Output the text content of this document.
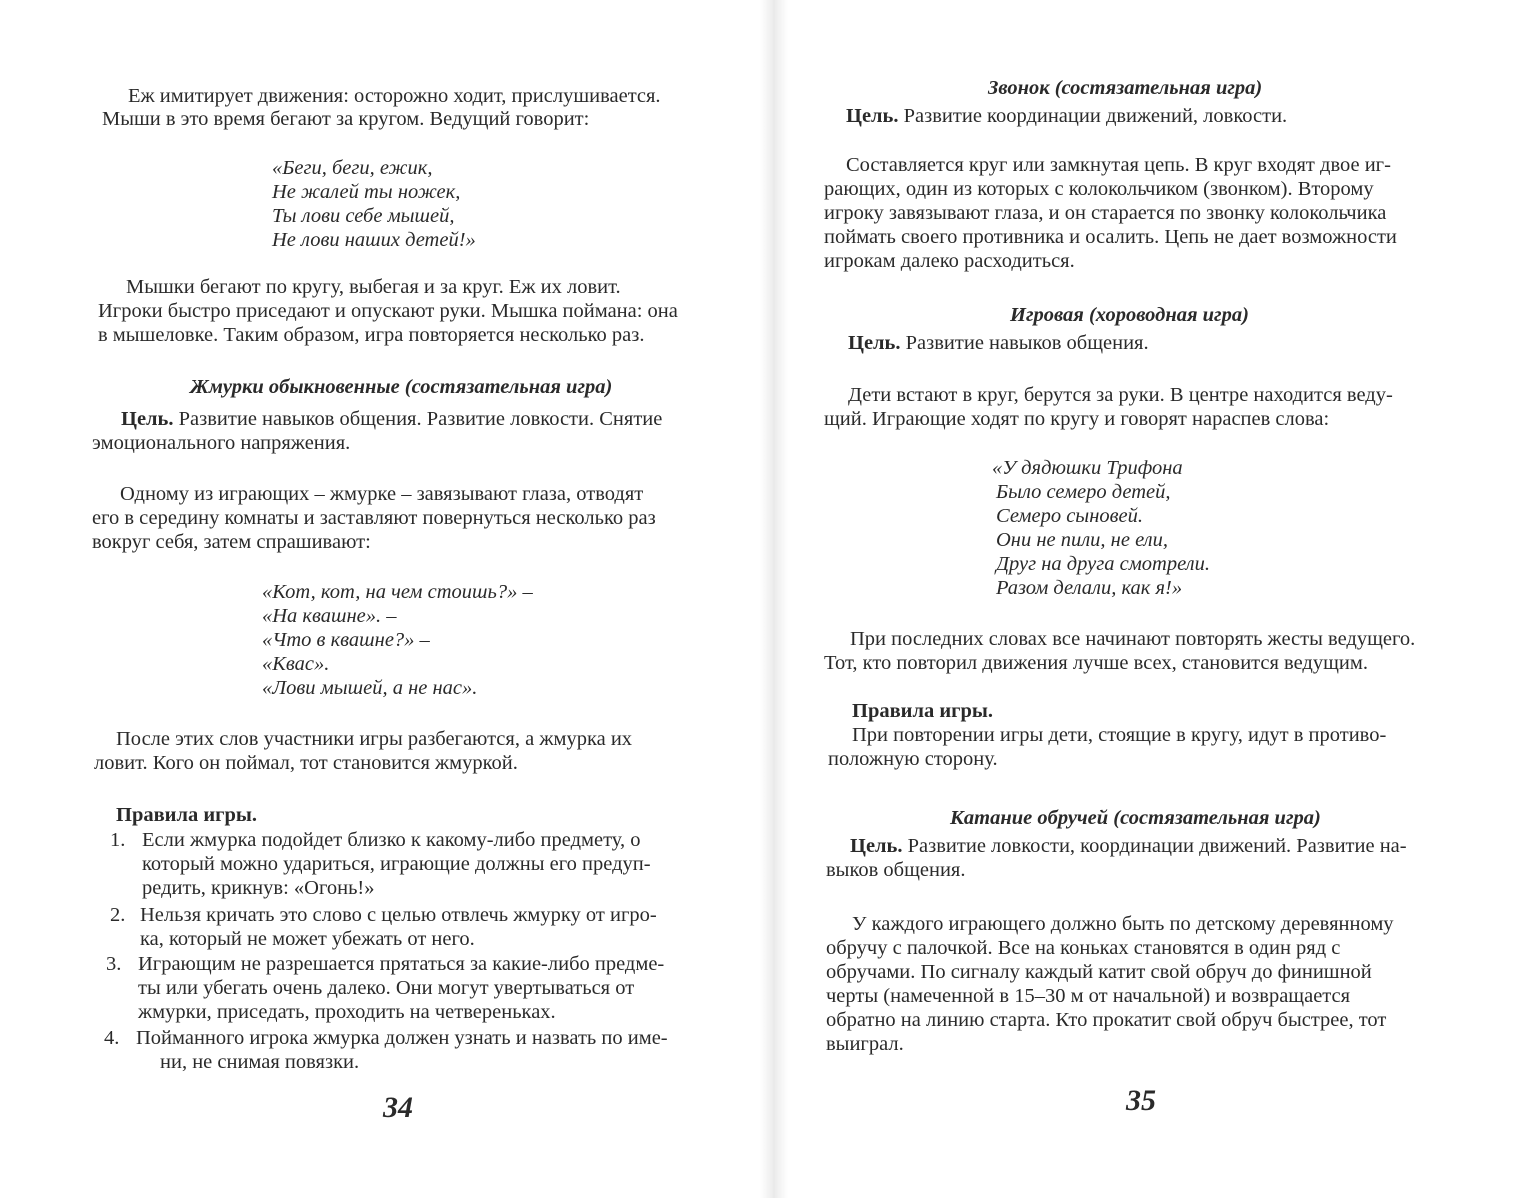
Еж имитирует движения: осторожно ходит, прислушивается.
Мыши в это время бегают за кругом. Ведущий говорит:
«Беги, беги, ежик,
Не жалей ты ножек,
Ты лови себе мышей,
Не лови наших детей!»
Мышки бегают по кругу, выбегая и за круг. Еж их ловит.
Игроки быстро приседают и опускают руки. Мышка поймана: она
в мышеловке. Таким образом, игра повторяется несколько раз.
Жмурки обыкновенные (состязательная игра)
Цель. Развитие навыков общения. Развитие ловкости. Снятие
эмоционального напряжения.
Одному из играющих – жмурке – завязывают глаза, отводят
его в середину комнаты и заставляют повернуться несколько раз
вокруг себя, затем спрашивают:
«Кот, кот, на чем стоишь?» –
«На квашне». –
«Что в квашне?» –
«Квас».
«Лови мышей, а не нас».
После этих слов участники игры разбегаются, а жмурка их
ловит. Кого он поймал, тот становится жмуркой.
Правила игры.
1. Если жмурка подойдет близко к какому-либо предмету, о
который можно удариться, играющие должны его предуп-
редить, крикнув: «Огонь!»
2. Нельзя кричать это слово с целью отвлечь жмурку от игро-
ка, который не может убежать от него.
3. Играющим не разрешается прятаться за какие-либо предме-
ты или убегать очень далеко. Они могут увертываться от
жмурки, приседать, проходить на четвереньках.
4. Пойманного игрока жмурка должен узнать и назвать по име-
ни, не снимая повязки.
34
Звонок (состязательная игра)
Цель. Развитие координации движений, ловкости.
Составляется круг или замкнутая цепь. В круг входят двое иг-
рающих, один из которых с колокольчиком (звонком). Второму
игроку завязывают глаза, и он старается по звонку колокольчика
поймать своего противника и осалить. Цепь не дает возможности
игрокам далеко расходиться.
Игровая (хороводная игра)
Цель. Развитие навыков общения.
Дети встают в круг, берутся за руки. В центре находится веду-
щий. Играющие ходят по кругу и говорят нараспев слова:
«У дядюшки Трифона
Было семеро детей,
Семеро сыновей.
Они не пили, не ели,
Друг на друга смотрели.
Разом делали, как я!»
При последних словах все начинают повторять жесты ведущего.
Тот, кто повторил движения лучше всех, становится ведущим.
Правила игры.
При повторении игры дети, стоящие в кругу, идут в противо-
положную сторону.
Катание обручей (состязательная игра)
Цель. Развитие ловкости, координации движений. Развитие на-
выков общения.
У каждого играющего должно быть по детскому деревянному
обручу с палочкой. Все на коньках становятся в один ряд с
обручами. По сигналу каждый катит свой обруч до финишной
черты (намеченной в 15–30 м от начальной) и возвращается
обратно на линию старта. Кто прокатит свой обруч быстрее, тот
выиграл.
35
